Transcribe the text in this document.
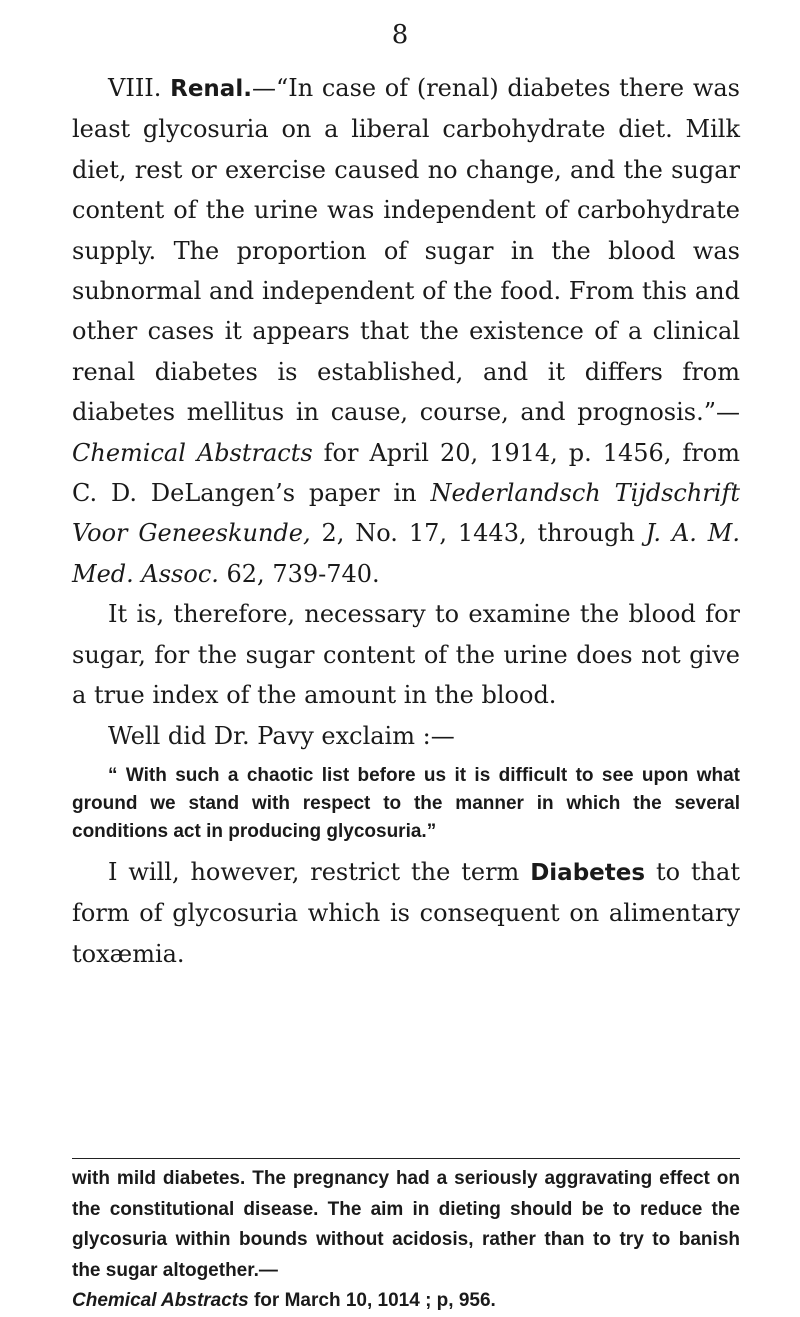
8

VIII. Renal.—“In case of (renal) diabetes there was least glycosuria on a liberal carbohydrate diet. Milk diet, rest or exercise caused no change, and the sugar content of the urine was independent of carbohydrate supply. The proportion of sugar in the blood was subnormal and independent of the food. From this and other cases it appears that the existence of a clinical renal diabetes is established, and it differs from diabetes mellitus in cause, course, and prognosis.”—Chemical Abstracts for April 20, 1914, p. 1456, from C. D. DeLangen’s paper in Nederlandsch Tijdschrift Voor Geneeskunde, 2, No. 17, 1443, through J. A. M. Med. Assoc. 62, 739-740.

It is, therefore, necessary to examine the blood for sugar, for the sugar content of the urine does not give a true index of the amount in the blood.

Well did Dr. Pavy exclaim :—

“ With such a chaotic list before us it is difficult to see upon what ground we stand with respect to the manner in which the several conditions act in producing glycosuria.”

I will, however, restrict the term Diabetes to that form of glycosuria which is consequent on alimentary toxæmia.

with mild diabetes. The pregnancy had a seriously aggravating effect on the constitutional disease. The aim in dieting should be to reduce the glycosuria within bounds without acidosis, rather than to try to banish the sugar altogether.—
Chemical Abstracts for March 10, 1014 ; p, 956.
